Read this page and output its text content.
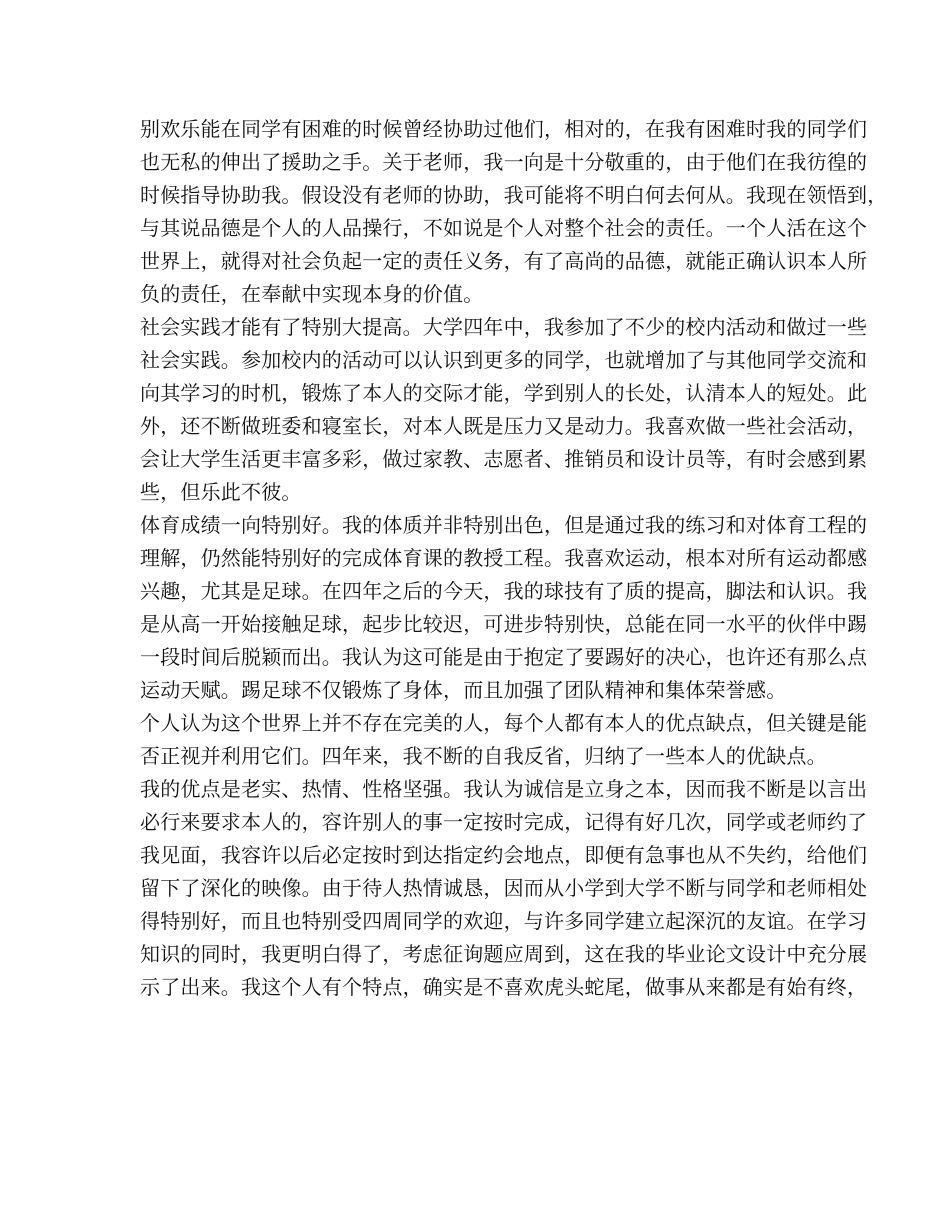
别欢乐能在同学有困难的时候曾经协助过他们，相对的，在我有困难时我的同学们
也无私的伸出了援助之手。关于老师，我一向是十分敬重的，由于他们在我彷徨的
时候指导协助我。假设没有老师的协助，我可能将不明白何去何从。我现在领悟到，
与其说品德是个人的人品操行，不如说是个人对整个社会的责任。一个人活在这个
世界上，就得对社会负起一定的责任义务，有了高尚的品德，就能正确认识本人所
负的责任，在奉献中实现本身的价值。
社会实践才能有了特别大提高。大学四年中，我参加了不少的校内活动和做过一些
社会实践。参加校内的活动可以认识到更多的同学，也就增加了与其他同学交流和
向其学习的时机，锻炼了本人的交际才能，学到别人的长处，认清本人的短处。此
外，还不断做班委和寝室长，对本人既是压力又是动力。我喜欢做一些社会活动，
会让大学生活更丰富多彩，做过家教、志愿者、推销员和设计员等，有时会感到累
些，但乐此不彼。
体育成绩一向特别好。我的体质并非特别出色，但是通过我的练习和对体育工程的
理解，仍然能特别好的完成体育课的教授工程。我喜欢运动，根本对所有运动都感
兴趣，尤其是足球。在四年之后的今天，我的球技有了质的提高，脚法和认识。我
是从高一开始接触足球，起步比较迟，可进步特别快，总能在同一水平的伙伴中踢
一段时间后脱颖而出。我认为这可能是由于抱定了要踢好的决心，也许还有那么点
运动天赋。踢足球不仅锻炼了身体，而且加强了团队精神和集体荣誉感。
个人认为这个世界上并不存在完美的人，每个人都有本人的优点缺点，但关键是能
否正视并利用它们。四年来，我不断的自我反省，归纳了一些本人的优缺点。
我的优点是老实、热情、性格坚强。我认为诚信是立身之本，因而我不断是以言出
必行来要求本人的，容许别人的事一定按时完成，记得有好几次，同学或老师约了
我见面，我容许以后必定按时到达指定约会地点，即便有急事也从不失约，给他们
留下了深化的映像。由于待人热情诚恳，因而从小学到大学不断与同学和老师相处
得特别好，而且也特别受四周同学的欢迎，与许多同学建立起深沉的友谊。在学习
知识的同时，我更明白得了，考虑征询题应周到，这在我的毕业论文设计中充分展
示了出来。我这个人有个特点，确实是不喜欢虎头蛇尾，做事从来都是有始有终，
